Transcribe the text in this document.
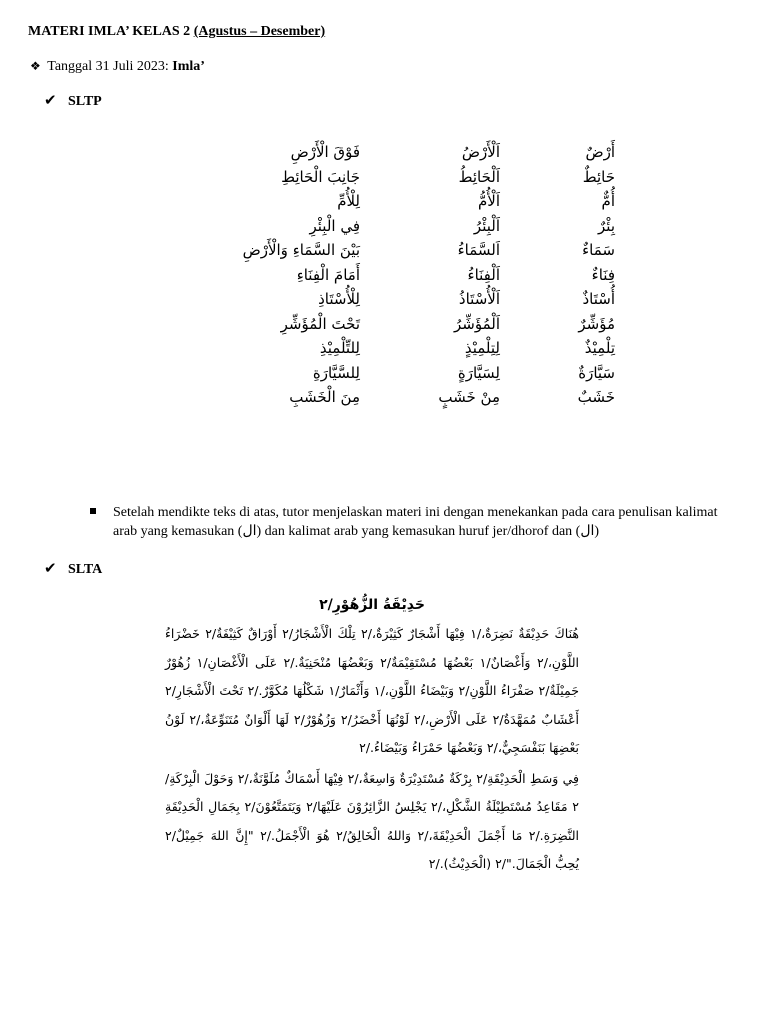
MATERI IMLA’ KELAS 2 (Agustus – Desember)
❖ Tanggal 31 Juli 2023: Imla’
✔ SLTP
أَرْضٌ
اَلْأَرْضُ
فَوْقَ الْأَرْضِ
حَائِطٌ
اَلْحَائِطُ
جَانِبَ الْحَائِطِ
أُمٌّ
اَلْأُمُّ
لِلْأُمِّ
بِئْرٌ
اَلْبِئْرُ
فِي الْبِئْرِ
سَمَاءٌ
اَلسَّمَاءُ
بَيْنَ السَّمَاءِ وَالْأَرْضِ
فِنَاءٌ
اَلْفِنَاءُ
أَمَامَ الْفِنَاءِ
أُسْتَاذٌ
اَلْأُسْتَاذُ
لِلْأُسْتَاذِ
مُؤَشِّرٌ
اَلْمُؤَشِّرُ
تَحْتَ الْمُؤَشِّرِ
تِلْمِيْذٌ
لِتِلْمِيْذٍ
لِلتِّلْمِيْذِ
سَيَّارَةٌ
لِسَيَّارَةٍ
لِلسَّيَّارَةِ
خَشَبٌ
مِنْ خَشَبٍ
مِنَ الْخَشَبِ
Setelah mendikte teks di atas, tutor menjelaskan materi ini dengan menekankan pada cara penulisan kalimat arab yang kemasukan (ال) dan kalimat arab yang kemasukan huruf jer/dhorof dan (ال)
✔ SLTA
حَدِيْقَةُ الزُّهُوْرِ/٢

هُنَاكَ حَدِيْقَةٌ نَضِرَةٌ،/١ فِيْهَا أَشْجَارٌ كَثِيْرَةٌ،/٢ تِلْكَ الْأَشْجَارُ/٢ أَوْرَاقٌ كَثِيْفَةٌ/٢ خَضْرَاءُ اللَّوْنِ،/٢ وَأَغْصَانٌ/١ بَعْضُهَا مُسْتَقِيْمَةٌ/٢ وَبَعْضُهَا مُنْحَنِيَةٌ./٢ عَلَى الْأَغْصَانِ/١ زُهُوْرٌ جَمِيْلَةٌ/٢ صَفْرَاءُ اللَّوْنِ/٢ وَبَيْضَاءُ اللَّوْنِ،/١ وَأَثْمَارٌ/١ شَكْلُهَا مُكَوَّرٌ./٢ تَحْتَ الْأَشْجَارِ/٢ أَعْشَابٌ مُمَهَّدَةٌ/٢ عَلَى الْأَرْضِ،/٢ لَوْنُهَا أَخْضَرُ/٢ وَزُهُوْرٌ/٢ لَهَا أَلْوَانٌ مُتَنَوِّعَةٌ،/٢ لَوْنُ بَعْضِهَا بَنَفْسَجِيٌّ،/٢ وَبَعْضُهَا حَمْرَاءُ وَبَيْضَاءُ./٢

فِي وَسَطِ الْحَدِيْقَةِ/٢ بِرْكَةٌ مُسْتَدِيْرَةٌ وَاسِعَةٌ،/٢ فِيْهَا أَسْمَاكٌ مُلَوَّنَةٌ،/٢ وَحَوْلَ الْبِرْكَةِ/٢ مَقَاعِدُ مُسْتَطِيْلَةُ الشَّكْلِ،/٢ يَجْلِسُ الزَّائِرُوْنَ عَلَيْهَا/٢ وَيَتَمَتَّعُوْنَ/٢ بِجَمَالِ الْحَدِيْقَةِ النَّضِرَةِ./٢ مَا أَجْمَلَ الْحَدِيْقَةَ،/٢ وَاللهُ الْخَالِقُ/٢ هُوَ الْأَجْمَلُ./٢ "إِنَّ اللهَ جَمِيْلٌ/٢ يُحِبُّ الْجَمَالَ."/٢ (الْحَدِيْثُ)./٢
